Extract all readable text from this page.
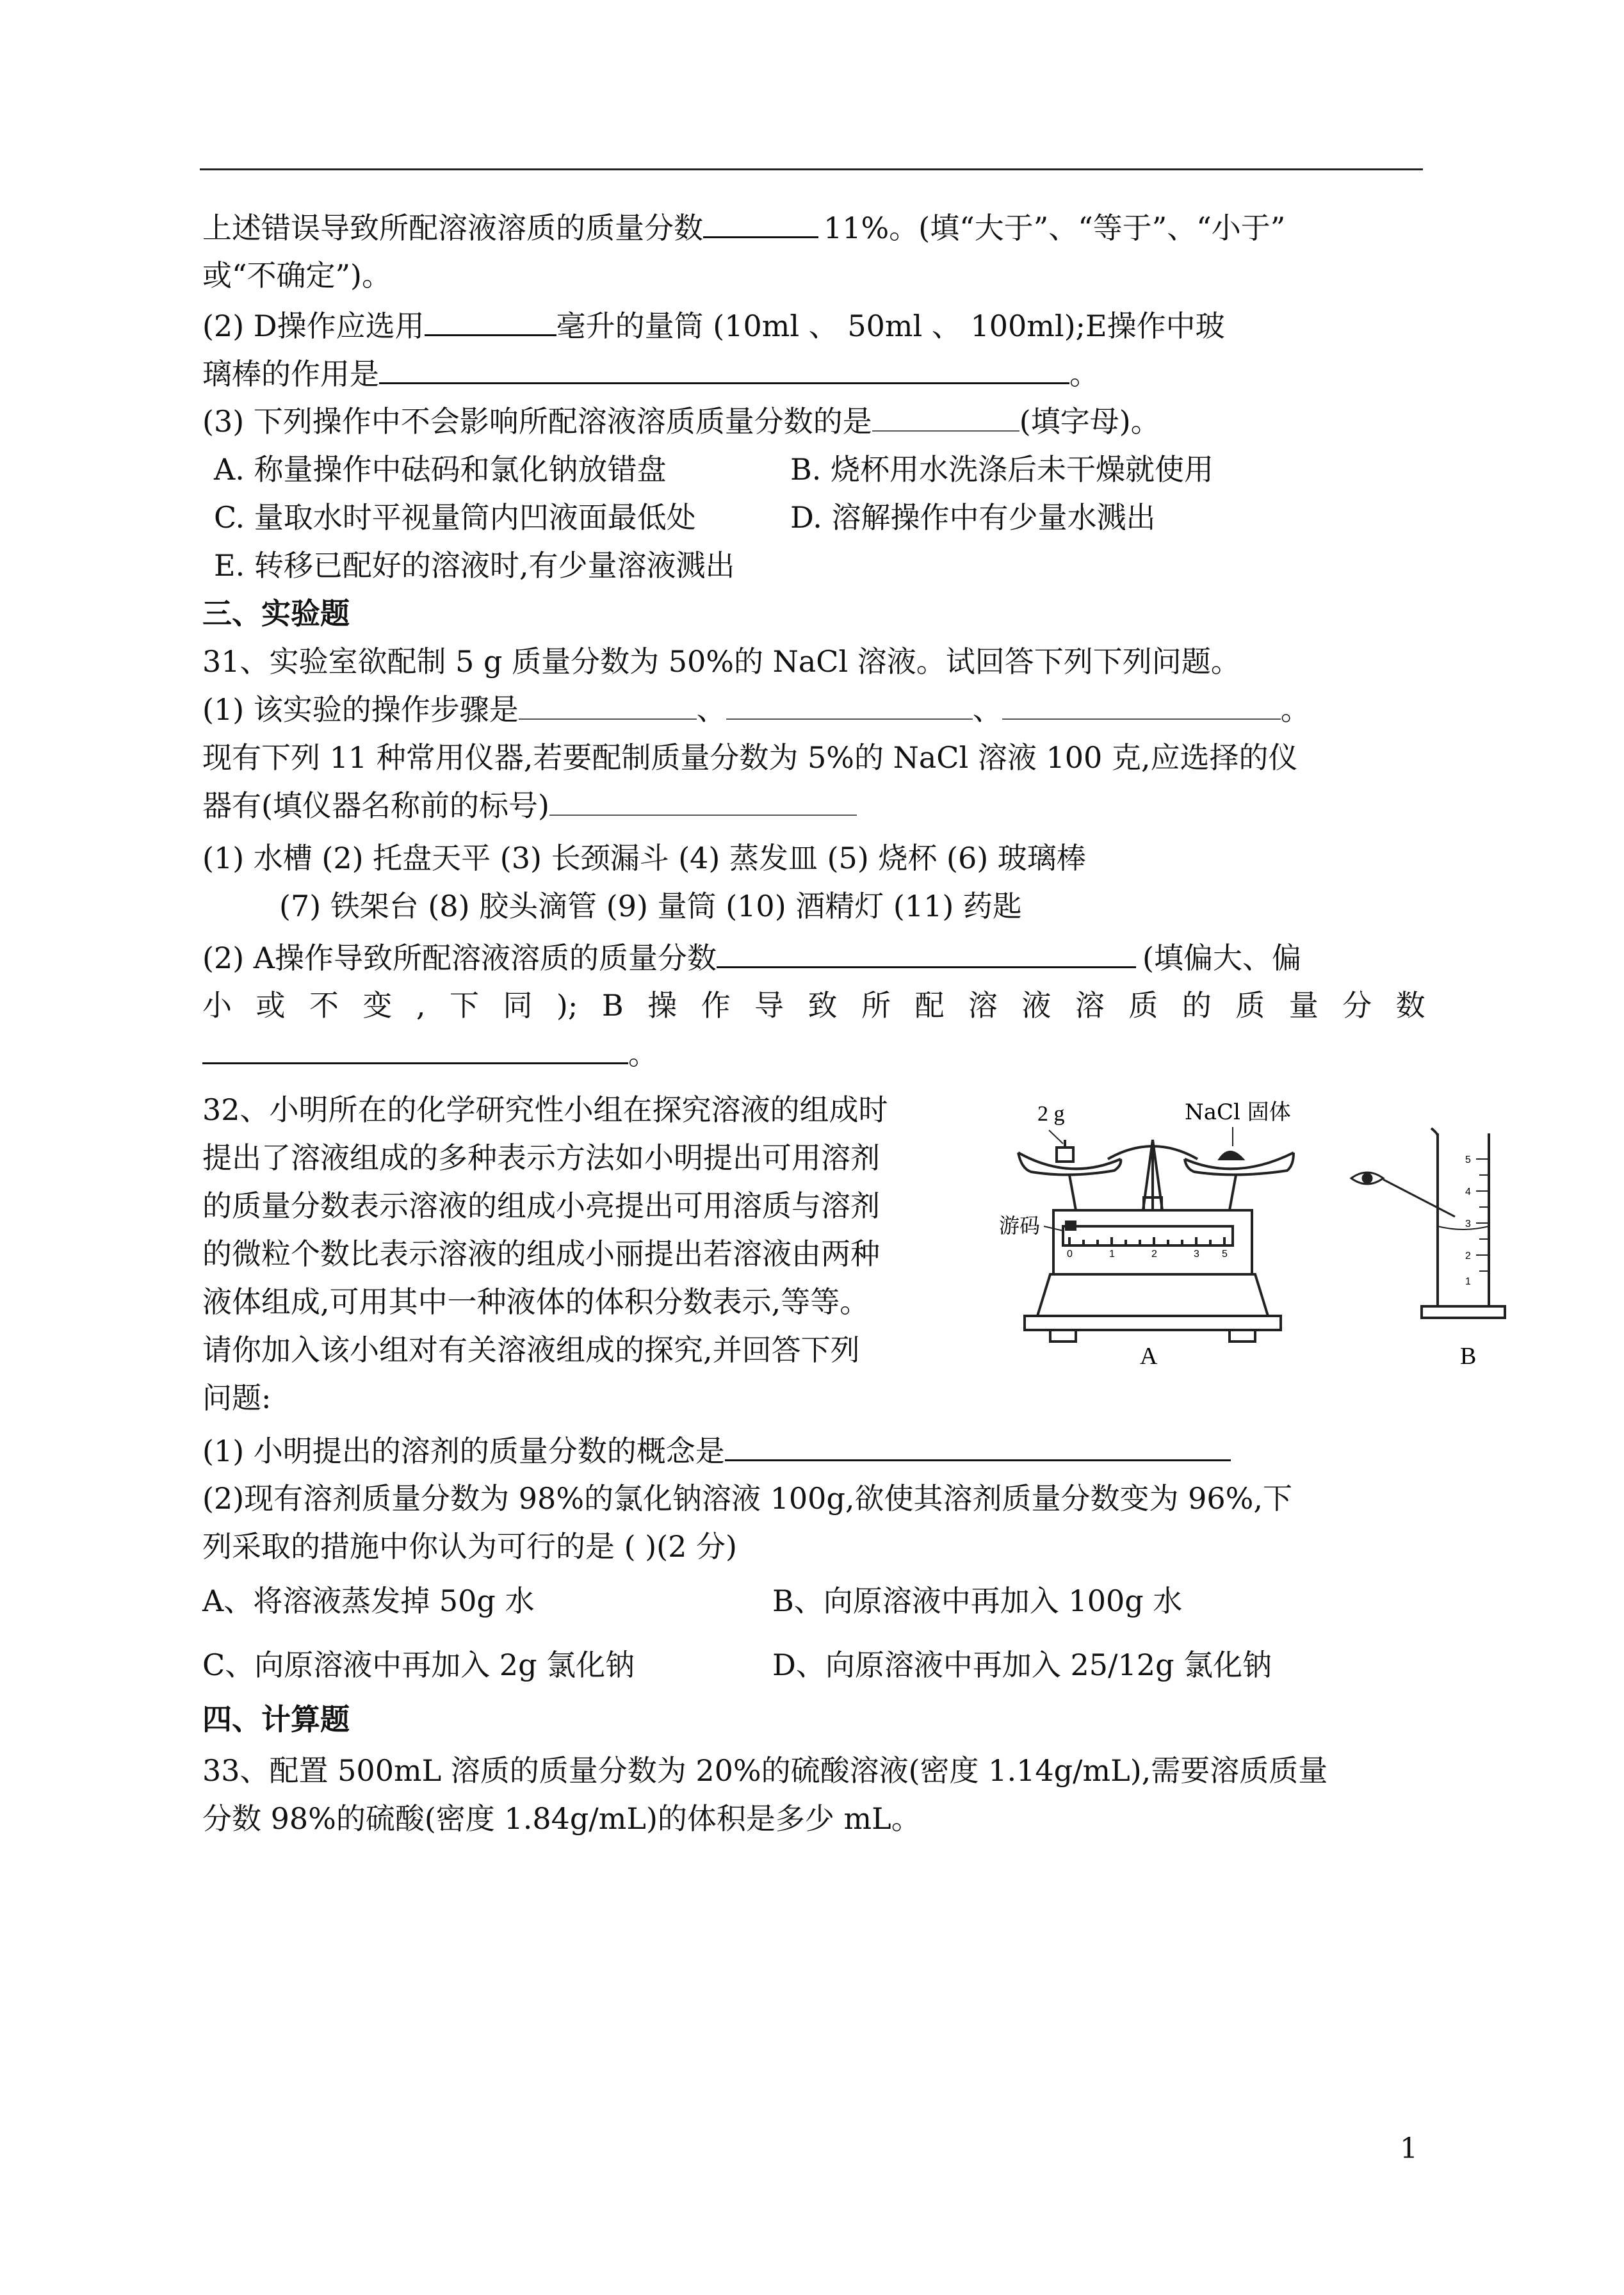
上述错误导致所配溶液溶质的质量分数	11%。(填“大于”、“等于”、“小于”
或“不确定”)。
(2) D操作应选用	毫升的量筒 (10ml 、 50ml 、 100ml);E操作中玻
璃棒的作用是	。
(3) 下列操作中不会影响所配溶液溶质质量分数的是	(填字母)。
A. 称量操作中砝码和氯化钠放错盘	B. 烧杯用水洗涤后未干燥就使用
C. 量取水时平视量筒内凹液面最低处	D. 溶解操作中有少量水溅出
E. 转移已配好的溶液时,有少量溶液溅出
三、实验题
31、实验室欲配制 5 g 质量分数为 50%的 NaCl 溶液。试回答下列下列问题。
(1) 该实验的操作步骤是	、	、	。
现有下列 11 种常用仪器,若要配制质量分数为 5%的 NaCl 溶液 100 克,应选择的仪
器有(填仪器名称前的标号)
(1) 水槽 (2) 托盘天平 (3) 长颈漏斗 (4) 蒸发皿 (5) 烧杯 (6) 玻璃棒
(7) 铁架台 (8) 胶头滴管 (9) 量筒 (10) 酒精灯 (11) 药匙
(2) A操作导致所配溶液溶质的质量分数	(填偏大、偏
小 或 不 变 , 下 同 ); B 操 作 导 致 所 配 溶 液 溶 质 的 质 量 分 数
。
32、小明所在的化学研究性小组在探究溶液的组成时
提出了溶液组成的多种表示方法如小明提出可用溶剂
的质量分数表示溶液的组成小亮提出可用溶质与溶剂
的微粒个数比表示溶液的组成小丽提出若溶液由两种
液体组成,可用其中一种液体的体积分数表示,等等。
请你加入该小组对有关溶液组成的探究,并回答下列
问题:
2 g	NaCl 固体
游码
A	B
0	1	2	3 5
5
4
3
2
1
(1) 小明提出的溶剂的质量分数的概念是
(2)现有溶剂质量分数为 98%的氯化钠溶液 100g,欲使其溶剂质量分数变为 96%,下
列采取的措施中你认为可行的是 ( )(2 分)
A、将溶液蒸发掉 50g 水	B、向原溶液中再加入 100g 水
C、向原溶液中再加入 2g 氯化钠	D、向原溶液中再加入 25/12g 氯化钠
四、计算题
33、配置 500mL 溶质的质量分数为 20%的硫酸溶液(密度 1.14g/mL),需要溶质质量
分数 98%的硫酸(密度 1.84g/mL)的体积是多少 mL。
1
